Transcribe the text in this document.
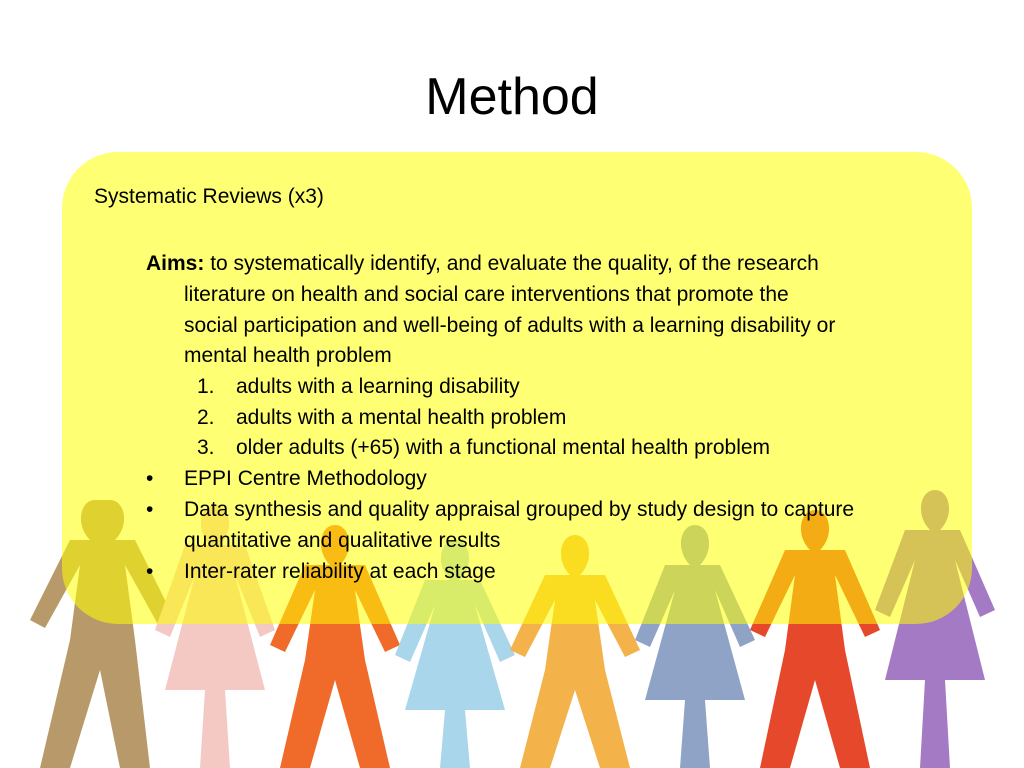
Method
Systematic Reviews (x3)
Aims: to systematically identify, and evaluate the quality, of the research
literature on health and social care interventions that promote the
social participation and well-being of adults with a learning disability or
mental health problem
1. adults with a learning disability
2. adults with a mental health problem
3. older adults (+65) with a functional mental health problem
• EPPI Centre Methodology
• Data synthesis and quality appraisal grouped by study design to capture
quantitative and qualitative results
• Inter-rater reliability at each stage
